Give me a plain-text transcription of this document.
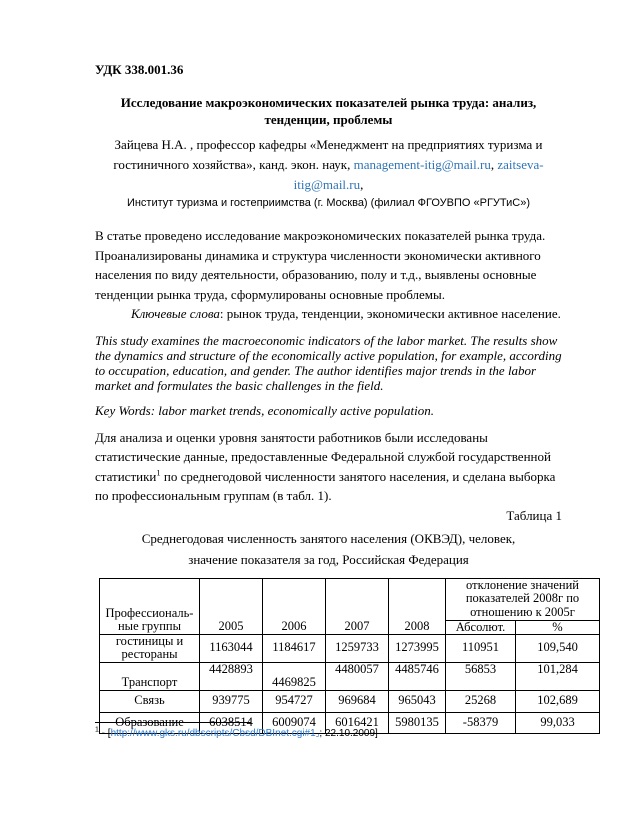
УДК 338.001.36
Исследование макроэкономических показателей рынка труда: анализ, тенденции, проблемы
Зайцева Н.А. , профессор кафедры «Менеджмент на предприятиях туризма и гостиничного хозяйства», канд. экон. наук, management-itig@mail.ru, zaitseva-itig@mail.ru,
Институт туризма и гостеприимства (г. Москва) (филиал ФГОУВПО «РГУТиС»)
В статье проведено исследование макроэкономических показателей рынка труда. Проанализированы динамика и структура численности экономически активного населения по виду деятельности, образованию, полу и т.д., выявлены основные тенденции рынка труда, сформулированы основные проблемы.
Ключевые слова: рынок труда, тенденции, экономически активное население.
This study examines the macroeconomic indicators of the labor market. The results show the dynamics and structure of the economically active population, for example, according to occupation, education, and gender. The author identifies major trends in the labor market and formulates the basic challenges in the field.
Key Words: labor market trends, economically active population.
Для анализа и оценки уровня занятости работников были исследованы статистические данные, предоставленные Федеральной службой государственной статистики$^1$ по среднегодовой численности занятого населения, и сделана выборка по профессиональным группам (в табл. 1).
Таблица 1
Среднегодовая численность занятого населения (ОКВЭД), человек,
значение показателя за год, Российская Федерация
Профессиональ-
ные группы	2005	2006	2007	2008	отклонение значений показателей 2008г по отношению к 2005г	
					Абсолют.	%
гостиницы и рестораны	1163044	1184617	1259733	1273995	110951	109,540
Транспорт	4428893	4469825	4480057	4485746	56853	101,284
Связь	939775	954727	969684	965043	25268	102,689
Образование	6038514	6009074	6016421	5980135	-58379	99,033
$^1$ - [http://www.gks.ru/dbscripts/Cbsd/DBInet.cgi#1⌟; 22.10.2009]
